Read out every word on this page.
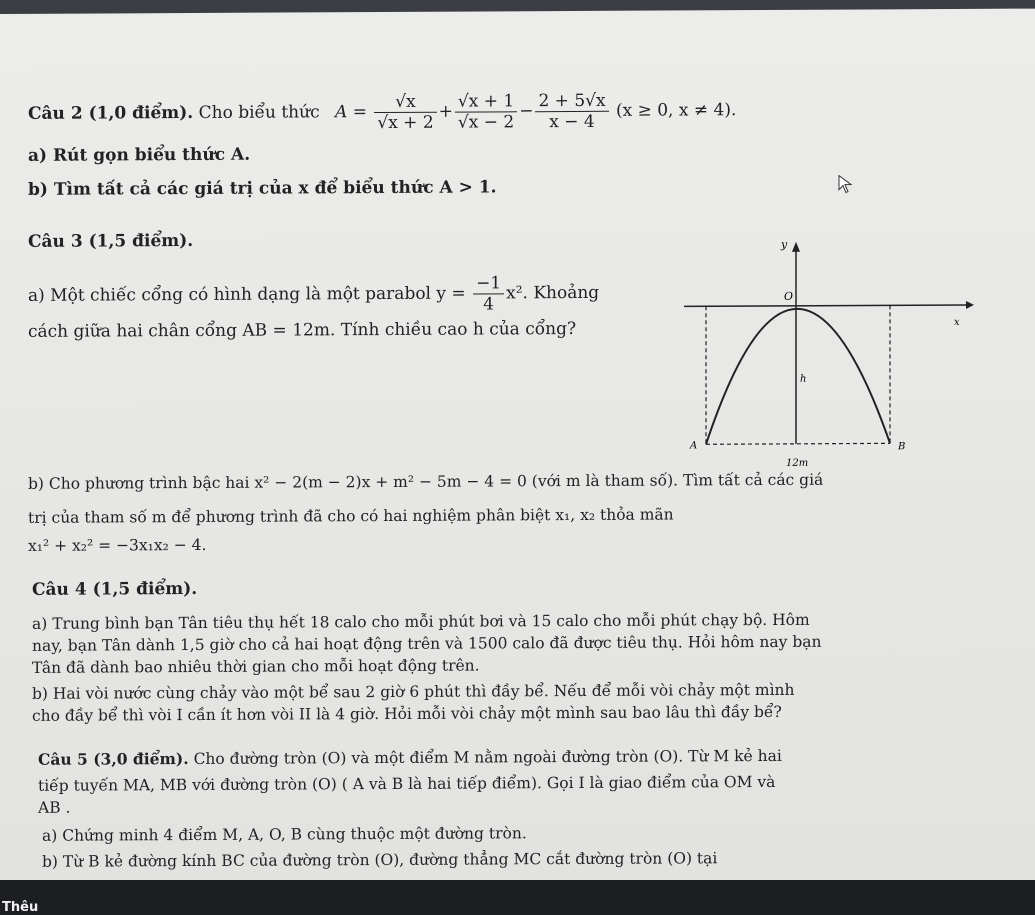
Câu 2 (1,0 điểm). Cho biểu thức $A = \frac{√x}{√x + 2} + \frac{√x + 1}{√x - 2} - \frac{2 + 5√x}{x - 4} (x \ge 0$, x ≠ 4).
a) Rút gọn biểu thức A.
b) Tìm tất cả các giá trị của x để biểu thức A > 1.
Câu 3 (1,5 điểm).
a) Một chiếc cổng có hình dạng là một parabol $y = \frac{-1}{4} x^2$. Khoảng
cách giữa hai chân cổng AB = 12m. Tính chiều cao h của cổng?
b) Cho phương trình bậc hai x² − 2(m − 2)x + m² − 5m − 4 = 0 (với m là tham số). Tìm tất cả các giá
trị của tham số m để phương trình đã cho có hai nghiệm phân biệt x₁, x₂ thỏa mãn
x₁² + x₂² = −3x₁x₂ − 4.
Câu 4 (1,5 điểm).
a) Trung bình bạn Tân tiêu thụ hết 18 calo cho mỗi phút bơi và 15 calo cho mỗi phút chạy bộ. Hôm
nay, bạn Tân dành 1,5 giờ cho cả hai hoạt động trên và 1500 calo đã được tiêu thụ. Hỏi hôm nay bạn
Tân đã dành bao nhiêu thời gian cho mỗi hoạt động trên.
b) Hai vòi nước cùng chảy vào một bể sau 2 giờ 6 phút thì đầy bể. Nếu để mỗi vòi chảy một mình
cho đầy bể thì vòi I cần ít hơn vòi II là 4 giờ. Hỏi mỗi vòi chảy một mình sau bao lâu thì đầy bể?
Câu 5 (3,0 điểm). Cho đường tròn (O) và một điểm M nằm ngoài đường tròn (O). Từ M kẻ hai
tiếp tuyến MA, MB với đường tròn (O) ( A và B là hai tiếp điểm). Gọi I là giao điểm của OM và
AB .
a) Chứng minh 4 điểm M, A, O, B cùng thuộc một đường tròn.
b) Từ B kẻ đường kính BC của đường tròn (O), đường thẳng MC cắt đường tròn (O) tại
y
O
x
h
A	B
12m
Thêu
